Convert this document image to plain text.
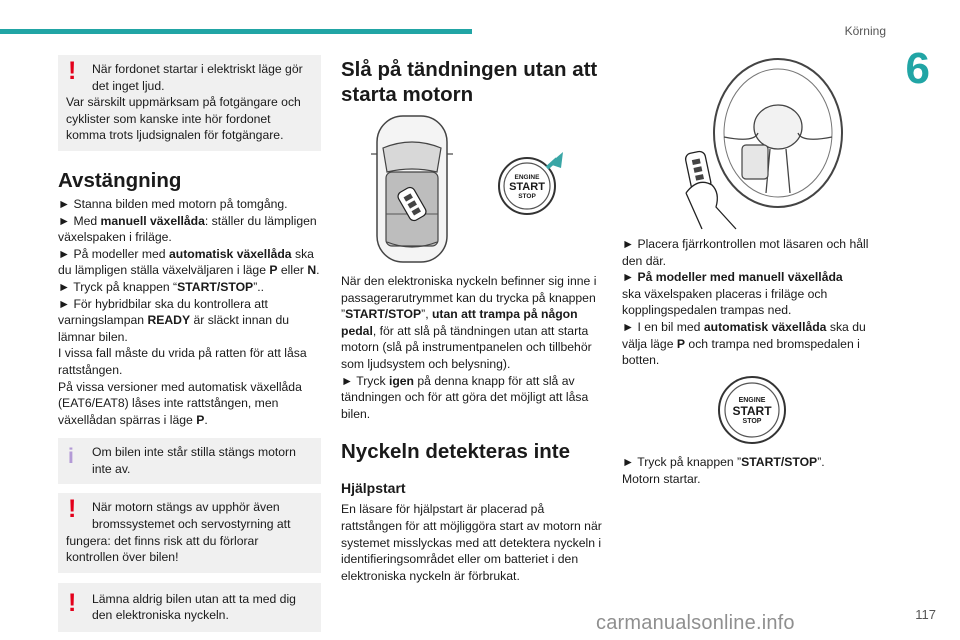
Körning
6
!	När fordonet startar i elektriskt läge gör
det inget ljud.

Var särskilt uppmärksam på fotgängare och cyklister som kanske inte hör fordonet komma trots ljudsignalen för fotgängare.

Avstängning

► Stanna bilden med motorn på tomgång.

► Med manuell växellåda: ställer du lämpligen växelspaken i friläge.

► På modeller med automatisk växellåda ska du lämpligen ställa växelväljaren i läge P eller N.

► Tryck på knappen “START/STOP”..

► För hybridbilar ska du kontrollera att varningslampan READY är släckt innan du lämnar bilen.

I vissa fall måste du vrida på ratten för att låsa rattstången.

På vissa versioner med automatisk växellåda (EAT6/EAT8) låses inte rattstången, men växellådan spärras i läge P.

i	Om bilen inte står stilla stängs motorn inte av.

!	När motorn stängs av upphör även
bromssystemet och servostyrning att

fungera: det finns risk att du förlorar kontrollen över bilen!

!	Lämna aldrig bilen utan att ta med dig den elektroniska nyckeln.

Slå på tändningen utan att starta motorn
ENGINE
START
STOP

När den elektroniska nyckeln befinner sig inne i passagerarutrymmet kan du trycka på knappen ”START/STOP”, utan att trampa på någon pedal, för att slå på tändningen utan att starta motorn (slå på instrumentpanelen och tillbehör som ljudsystem och belysning).

► Tryck igen på denna knapp för att slå av tändningen och för att göra det möjligt att låsa bilen.

Nyckeln detekteras inte
Hjälpstart

En läsare för hjälpstart är placerad på rattstången för att möjliggöra start av motorn när systemet misslyckas med att detektera nyckeln i identifieringsområdet eller om batteriet i den elektroniska nyckeln är förbrukat.

► Placera fjärrkontrollen mot läsaren och håll den där.

► På modeller med manuell växellåda

ska växelspaken placeras i friläge och kopplingspedalen trampas ned.

► I en bil med automatisk växellåda ska du välja läge P och trampa ned bromspedalen i botten.

ENGINE
START
STOP

► Tryck på knappen ”START/STOP”.

Motorn startar.

carmanualsonline.info	117
